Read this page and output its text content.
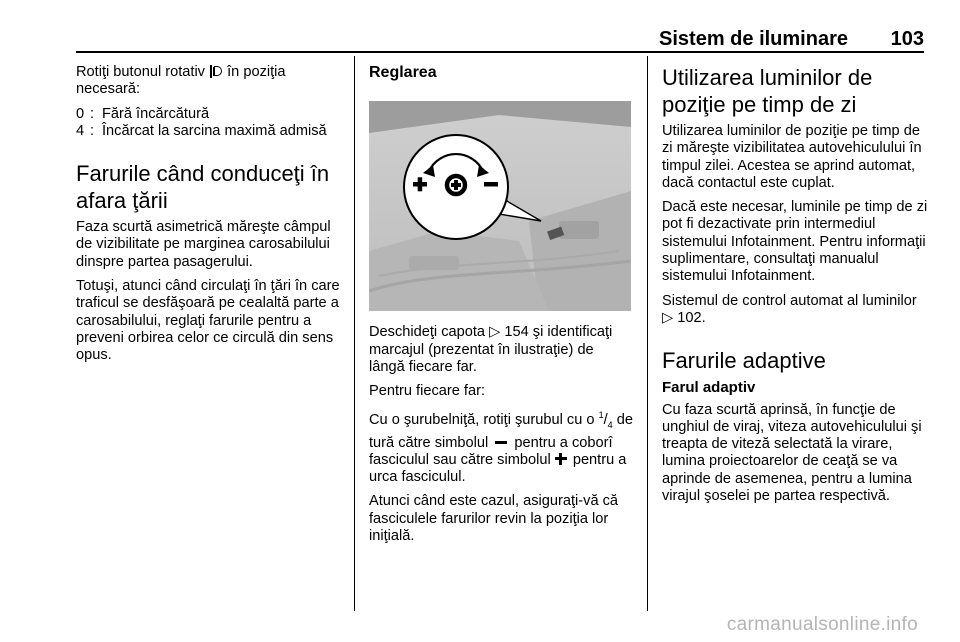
Sistem de iluminare 103

Rotiţi butonul rotativ în poziţia necesară:

0 : Fără încărcătură
4 : Încărcat la sarcina maximă admisă
Farurile când conduceţi în afara ţării

Faza scurtă asimetrică măreşte câmpul de vizibilitate pe marginea carosabilului dinspre partea pasagerului.

Totuşi, atunci când circulaţi în ţări în care traficul se desfăşoară pe cealaltă parte a carosabilului, reglaţi farurile pentru a preveni orbirea celor ce circulă din sens opus.

Reglarea

Deschideţi capota ▷ 154 şi identificaţi marcajul (prezentat în ilustraţie) de lângă fiecare far.

Pentru fiecare far:

Cu o şurubelniţă, rotiţi şurubul cu o $^1/_4$ de tură către simbolul pentru a coborî fasciculul sau către simbolul pentru a urca fasciculul.

Atunci când este cazul, asiguraţi-vă că fasciculele farurilor revin la poziţia lor iniţială.

Utilizarea luminilor de poziţie pe timp de zi

Utilizarea luminilor de poziţie pe timp de zi măreşte vizibilitatea autovehiculului în timpul zilei. Acestea se aprind automat, dacă contactul este cuplat.

Dacă este necesar, luminile pe timp de zi pot fi dezactivate prin intermediul sistemului Infotainment. Pentru informaţii suplimentare, consultaţi manualul sistemului Infotainment.

Sistemul de control automat al luminilor ▷ 102.

Farurile adaptive
Farul adaptiv

Cu faza scurtă aprinsă, în funcţie de unghiul de viraj, viteza autovehiculului şi treapta de viteză selectată la virare, lumina proiectoarelor de ceaţă se va aprinde de asemenea, pentru a lumina virajul şoselei pe partea respectivă.

carmanualsonline.info
